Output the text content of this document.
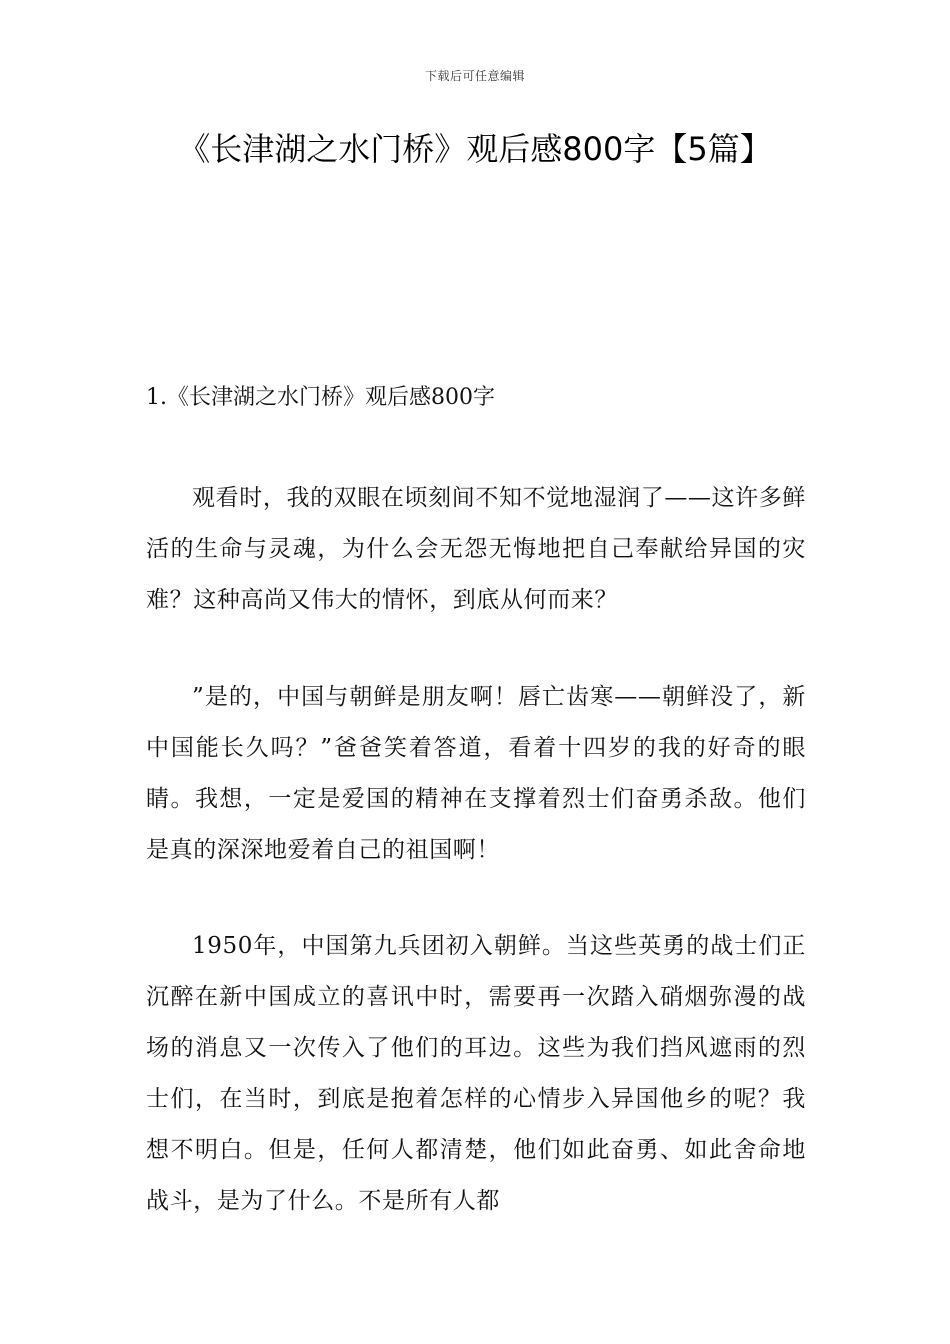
下载后可任意编辑
《长津湖之水门桥》观后感800字【5篇】
1.《长津湖之水门桥》观后感800字

观看时，我的双眼在顷刻间不知不觉地湿润了——这许多鲜活的生命与灵魂，为什么会无怨无悔地把自己奉献给异国的灾难？这种高尚又伟大的情怀，到底从何而来？

”是的，中国与朝鲜是朋友啊！唇亡齿寒——朝鲜没了，新中国能长久吗？”爸爸笑着答道，看着十四岁的我的好奇的眼睛。我想，一定是爱国的精神在支撑着烈士们奋勇杀敌。他们是真的深深地爱着自己的祖国啊！

1950年，中国第九兵团初入朝鲜。当这些英勇的战士们正沉醉在新中国成立的喜讯中时，需要再一次踏入硝烟弥漫的战场的消息又一次传入了他们的耳边。这些为我们挡风遮雨的烈士们，在当时，到底是抱着怎样的心情步入异国他乡的呢？我想不明白。但是，任何人都清楚，他们如此奋勇、如此舍命地战斗，是为了什么。不是所有人都
